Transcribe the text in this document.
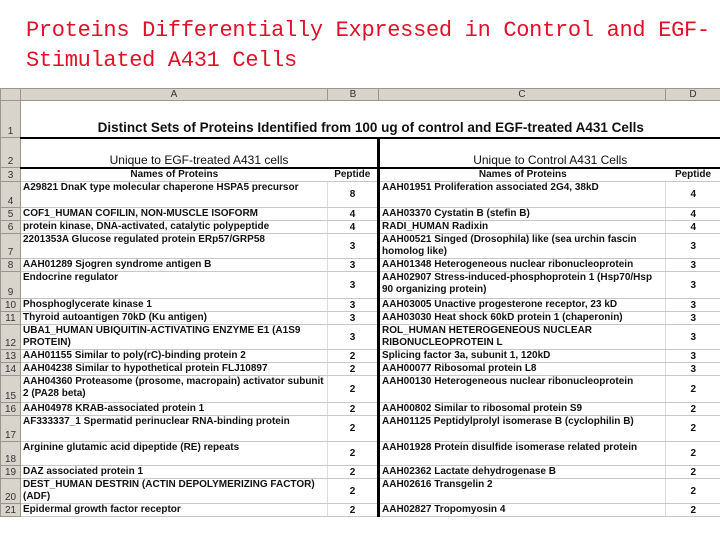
Proteins Differentially Expressed in Control and EGF-Stimulated A431 Cells
	A	B	C	D
1	Distinct Sets of Proteins Identified from 100 ug of control and EGF-treated A431 Cells			
2	Unique to EGF-treated A431 cells		Unique to Control A431 Cells	
3	Names of Proteins	Peptide	Names of Proteins	Peptide
4	A29821 DnaK type molecular chaperone HSPA5 precursor	8	AAH01951 Proliferation associated 2G4, 38kD	4
5	COF1_HUMAN COFILIN, NON-MUSCLE ISOFORM	4	AAH03370 Cystatin B (stefin B)	4
6	protein kinase, DNA-activated, catalytic polypeptide	4	RADI_HUMAN Radixin	4
7	2201353A Glucose regulated protein ERp57/GRP58	3	AAH00521 Singed (Drosophila) like (sea urchin fascin homolog like)	3
8	AAH01289 Sjogren syndrome antigen B	3	AAH01348 Heterogeneous nuclear ribonucleoprotein	3
9	Endocrine regulator	3	AAH02907 Stress-induced-phosphoprotein 1 (Hsp70/Hsp 90 organizing protein)	3
10	Phosphoglycerate kinase 1	3	AAH03005 Unactive progesterone receptor, 23 kD	3
11	Thyroid autoantigen 70kD (Ku antigen)	3	AAH03030 Heat shock 60kD protein 1 (chaperonin)	3
12	UBA1_HUMAN UBIQUITIN-ACTIVATING ENZYME E1 (A1S9 PROTEIN)	3	ROL_HUMAN HETEROGENEOUS NUCLEAR RIBONUCLEOPROTEIN L	3
13	AAH01155 Similar to poly(rC)-binding protein 2	2	Splicing factor 3a, subunit 1, 120kD	3
14	AAH04238 Similar to hypothetical protein FLJ10897	2	AAH00077 Ribosomal protein L8	3
15	AAH04360 Proteasome (prosome, macropain) activator subunit 2 (PA28 beta)	2	AAH00130 Heterogeneous nuclear ribonucleoprotein	2
16	AAH04978 KRAB-associated protein 1	2	AAH00802 Similar to ribosomal protein S9	2
17	AF333337_1 Spermatid perinuclear RNA-binding protein	2	AAH01125 Peptidylprolyl isomerase B (cyclophilin B)	2
18	Arginine glutamic acid dipeptide (RE) repeats	2	AAH01928 Protein disulfide isomerase related protein	2
19	DAZ associated protein 1	2	AAH02362 Lactate dehydrogenase B	2
20	DEST_HUMAN DESTRIN (ACTIN DEPOLYMERIZING FACTOR) (ADF)	2	AAH02616 Transgelin 2	2
21	Epidermal growth factor receptor	2	AAH02827 Tropomyosin 4	2
